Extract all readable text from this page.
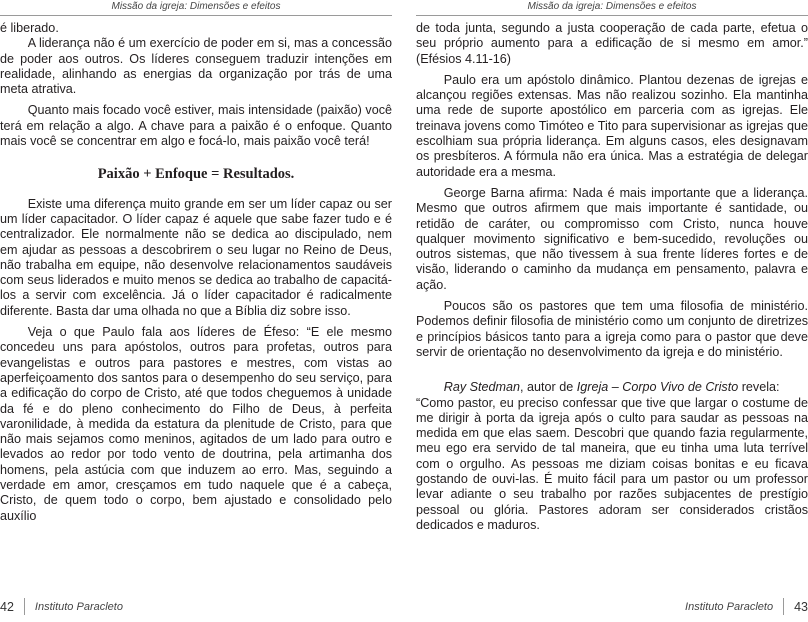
Missão da igreja: Dimensões e efeitos

é liberado.

A liderança não é um exercício de poder em si, mas a concessão de poder aos outros. Os líderes conseguem traduzir intenções em realidade, alinhando as energias da organização por trás de uma meta atrativa.

Quanto mais focado você estiver, mais intensidade (paixão) você terá em relação a algo. A chave para a paixão é o enfoque. Quanto mais você se concentrar em algo e focá-lo, mais paixão você terá!

Paixão + Enfoque = Resultados.

Existe uma diferença muito grande em ser um líder capaz ou ser um líder capacitador. O líder capaz é aquele que sabe fazer tudo e é centralizador. Ele normalmente não se dedica ao discipulado, nem em ajudar as pessoas a descobrirem o seu lugar no Reino de Deus, não trabalha em equipe, não desenvolve relacionamentos saudáveis com seus liderados e muito menos se dedica ao trabalho de capacitá-los a servir com excelência. Já o líder capacitador é radicalmente diferente. Basta dar uma olhada no que a Bíblia diz sobre isso.

Veja o que Paulo fala aos líderes de Éfeso: “E ele mesmo concedeu uns para apóstolos, outros para profetas, outros para evangelistas e outros para pastores e mestres, com vistas ao aperfeiçoamento dos santos para o desempenho do seu serviço, para a edificação do corpo de Cristo, até que todos cheguemos à unidade da fé e do pleno conhecimento do Filho de Deus, à perfeita varonilidade, à medida da estatura da plenitude de Cristo, para que não mais sejamos como meninos, agitados de um lado para outro e levados ao redor por todo vento de doutrina, pela artimanha dos homens, pela astúcia com que induzem ao erro. Mas, seguindo a verdade em amor, cresçamos em tudo naquele que é a cabeça, Cristo, de quem todo o corpo, bem ajustado e consolidado pelo auxílio

42 Instituto Paracleto
Missão da igreja: Dimensões e efeitos

de toda junta, segundo a justa cooperação de cada parte, efetua o seu próprio aumento para a edificação de si mesmo em amor.” (Efésios 4.11-16)

Paulo era um apóstolo dinâmico. Plantou dezenas de igrejas e alcançou regiões extensas. Mas não realizou sozinho. Ela mantinha uma rede de suporte apostólico em parceria com as igrejas. Ele treinava jovens como Timóteo e Tito para supervisionar as igrejas que escolhiam sua própria liderança. Em alguns casos, eles designavam os presbíteros. A fórmula não era única. Mas a estratégia de delegar autoridade era a mesma.

George Barna afirma: Nada é mais importante que a liderança. Mesmo que outros afirmem que mais importante é santidade, ou retidão de caráter, ou compromisso com Cristo, nunca houve qualquer movimento significativo e bem-sucedido, revoluções ou outros sistemas, que não tivessem à sua frente líderes fortes e de visão, liderando o caminho da mudança em pensamento, palavra e ação.

Poucos são os pastores que tem uma filosofia de ministério. Podemos definir filosofia de ministério como um conjunto de diretrizes e princípios básicos tanto para a igreja como para o pastor que deve servir de orientação no desenvolvimento da igreja e do ministério.

Ray Stedman, autor de Igreja – Corpo Vivo de Cristo revela:

“Como pastor, eu preciso confessar que tive que largar o costume de me dirigir à porta da igreja após o culto para saudar as pessoas na medida em que elas saem. Descobri que quando fazia regularmente, meu ego era servido de tal maneira, que eu tinha uma luta terrível com o orgulho. As pessoas me diziam coisas bonitas e eu ficava gostando de ouvi-las. É muito fácil para um pastor ou um professor levar adiante o seu trabalho por razões subjacentes de prestígio pessoal ou glória. Pastores adoram ser considerados cristãos dedicados e maduros.

Instituto Paracleto 43
